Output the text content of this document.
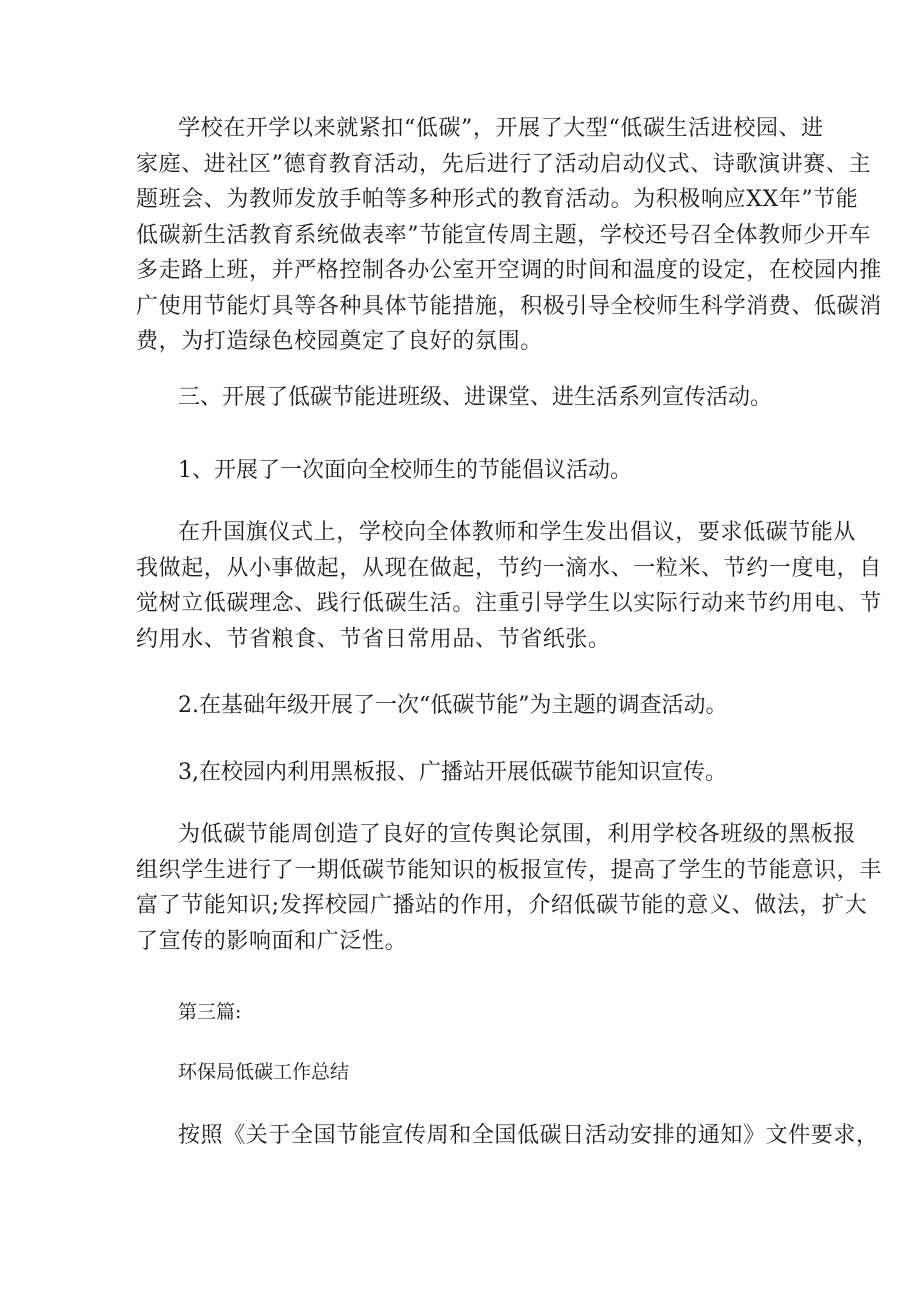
学校在开学以来就紧扣“低碳”，开展了大型“低碳生活进校园、进
家庭、进社区”德育教育活动，先后进行了活动启动仪式、诗歌演讲赛、主
题班会、为教师发放手帕等多种形式的教育活动。为积极响应XX年”节能
低碳新生活教育系统做表率”节能宣传周主题，学校还号召全体教师少开车
多走路上班，并严格控制各办公室开空调的时间和温度的设定，在校园内推
广使用节能灯具等各种具体节能措施，积极引导全校师生科学消费、低碳消
费，为打造绿色校园奠定了良好的氛围。

三、开展了低碳节能进班级、进课堂、进生活系列宣传活动。

1、开展了一次面向全校师生的节能倡议活动。

在升国旗仪式上，学校向全体教师和学生发出倡议，要求低碳节能从
我做起，从小事做起，从现在做起，节约一滴水、一粒米、节约一度电，自
觉树立低碳理念、践行低碳生活。注重引导学生以实际行动来节约用电、节
约用水、节省粮食、节省日常用品、节省纸张。

2.在基础年级开展了一次“低碳节能”为主题的调查活动。

3,在校园内利用黑板报、广播站开展低碳节能知识宣传。

为低碳节能周创造了良好的宣传舆论氛围，利用学校各班级的黑板报
组织学生进行了一期低碳节能知识的板报宣传，提高了学生的节能意识，丰
富了节能知识;发挥校园广播站的作用，介绍低碳节能的意义、做法，扩大
了宣传的影响面和广泛性。

第三篇:

环保局低碳工作总结

按照《关于全国节能宣传周和全国低碳日活动安排的通知》文件要求，
